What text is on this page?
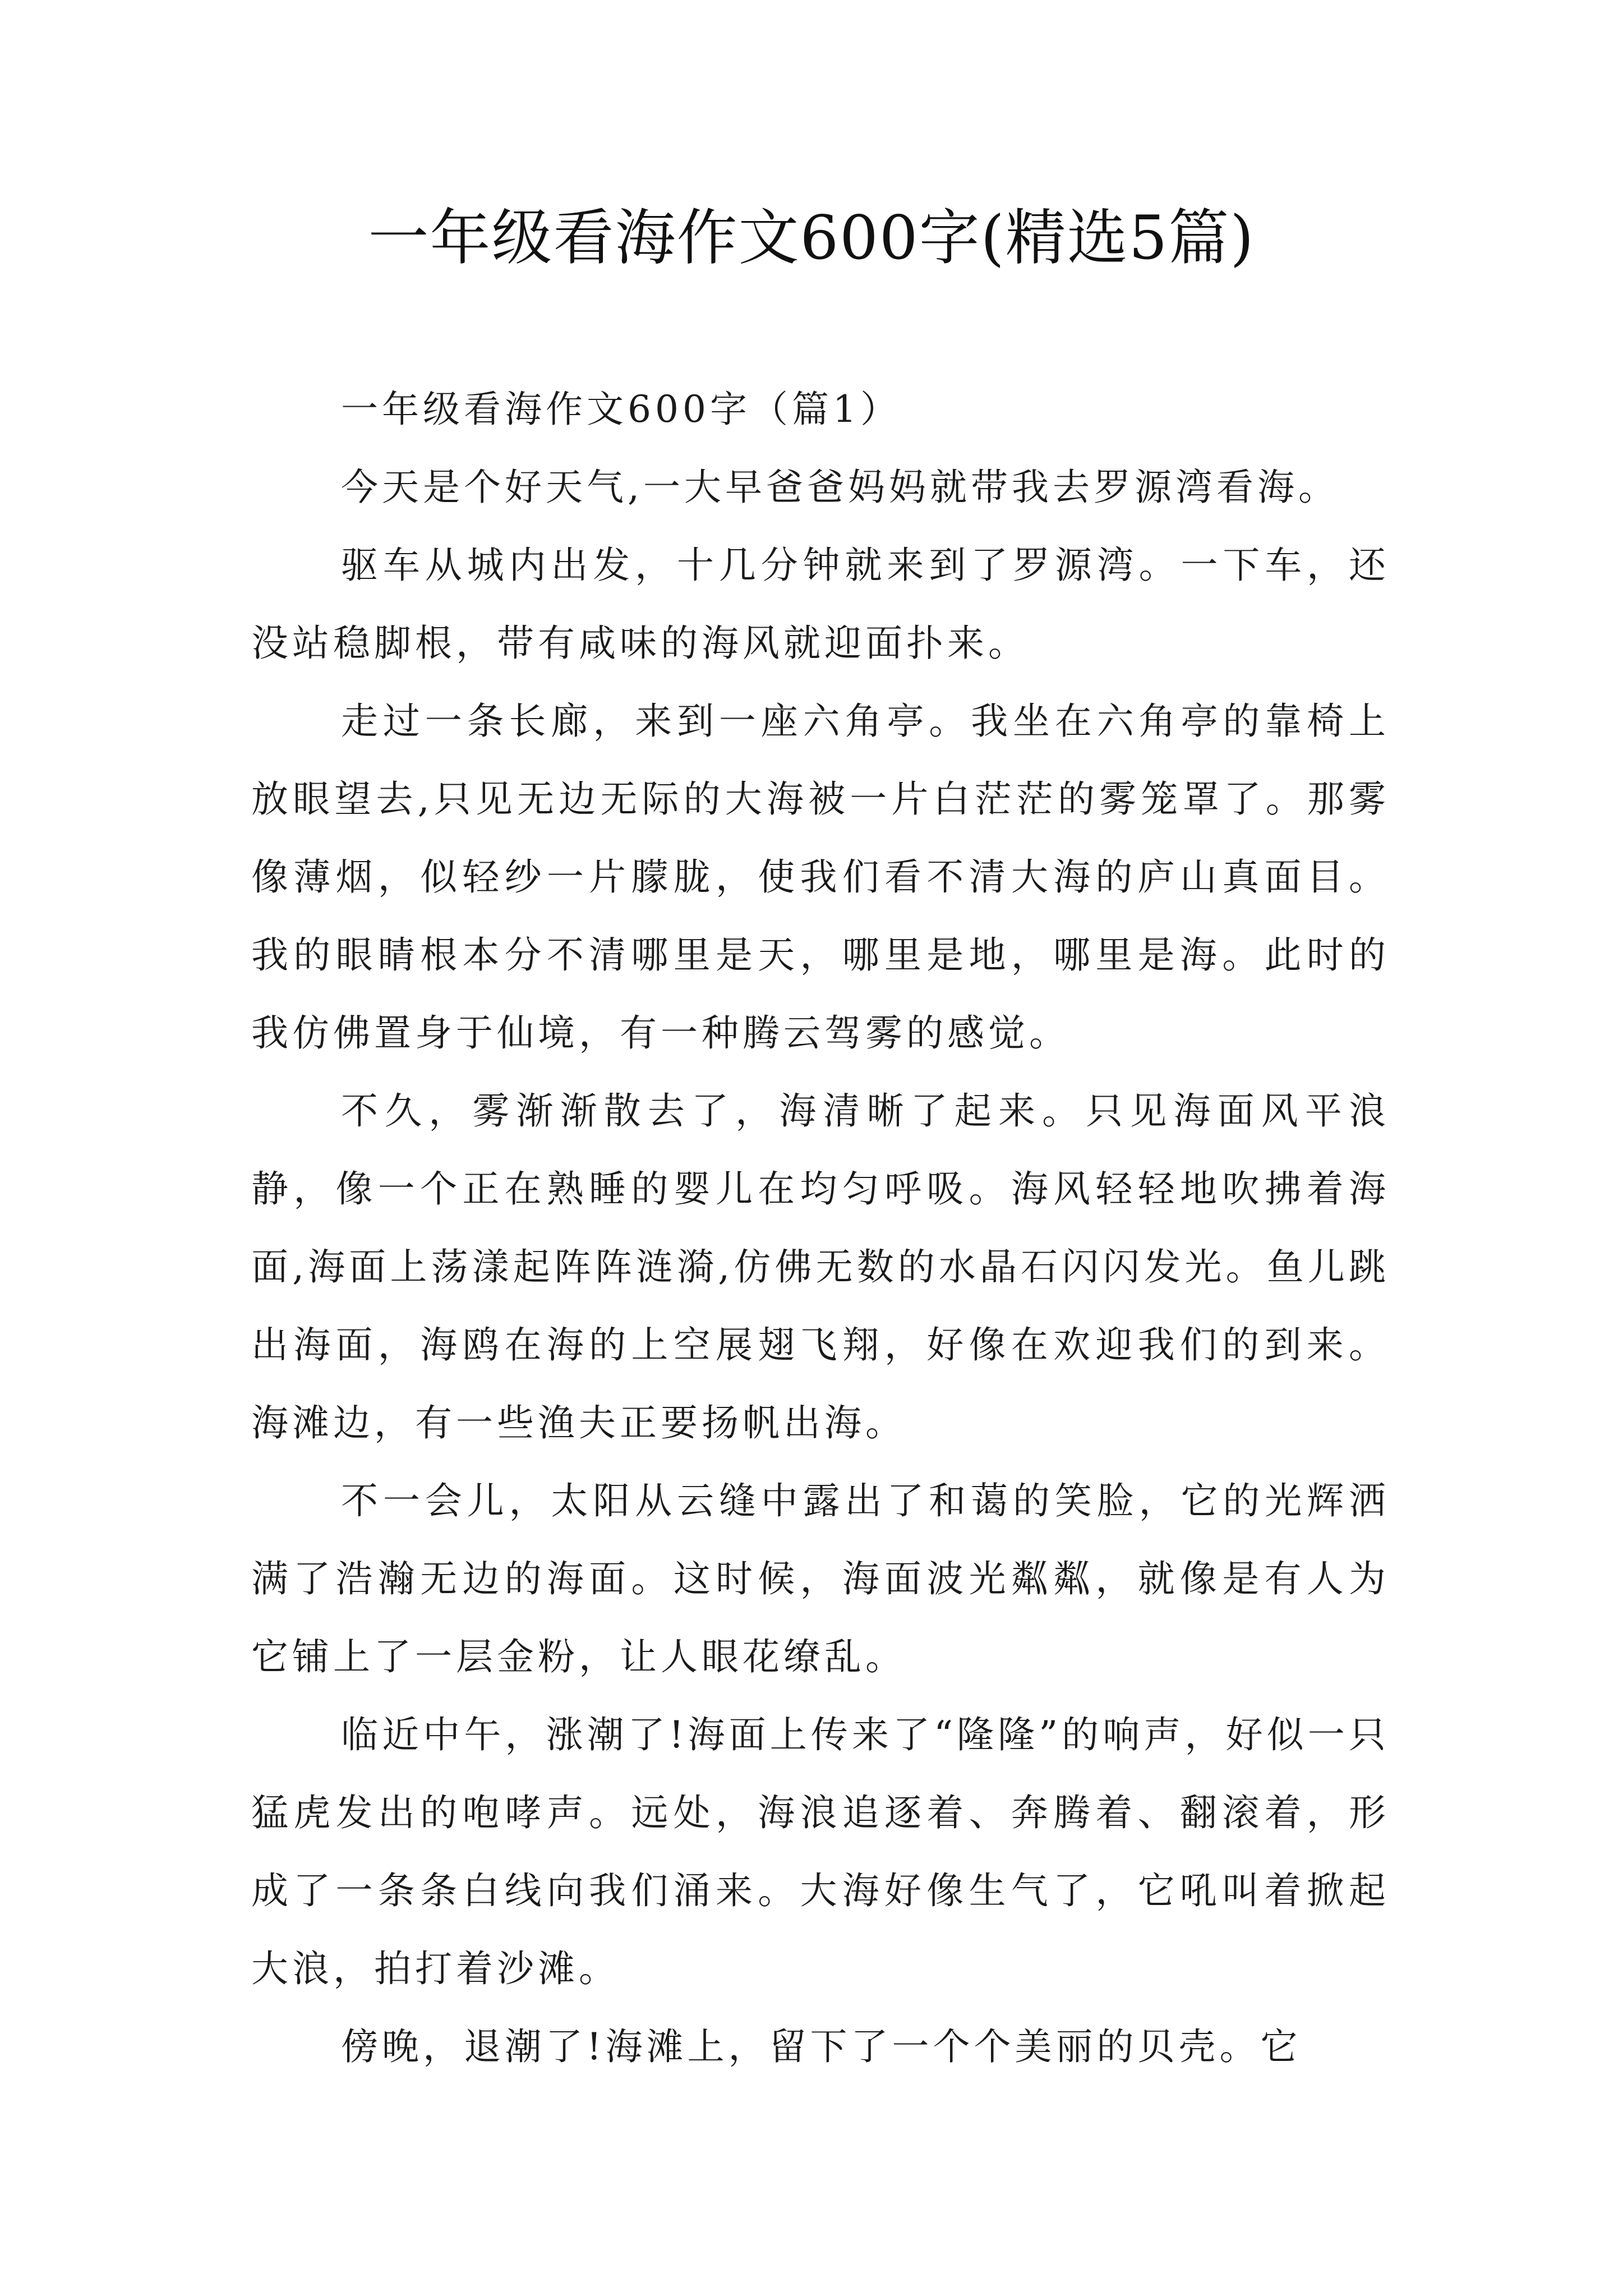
一年级看海作文600字(精选5篇)

一年级看海作文600字（篇1）

今天是个好天气,一大早爸爸妈妈就带我去罗源湾看海。

驱车从城内出发，十几分钟就来到了罗源湾。一下车，还没站稳脚根，带有咸味的海风就迎面扑来。

走过一条长廊，来到一座六角亭。我坐在六角亭的靠椅上放眼望去,只见无边无际的大海被一片白茫茫的雾笼罩了。那雾像薄烟，似轻纱一片朦胧，使我们看不清大海的庐山真面目。我的眼睛根本分不清哪里是天，哪里是地，哪里是海。此时的我仿佛置身于仙境，有一种腾云驾雾的感觉。

不久，雾渐渐散去了，海清晰了起来。只见海面风平浪静，像一个正在熟睡的婴儿在均匀呼吸。海风轻轻地吹拂着海面,海面上荡漾起阵阵涟漪,仿佛无数的水晶石闪闪发光。鱼儿跳出海面，海鸥在海的上空展翅飞翔，好像在欢迎我们的到来。海滩边，有一些渔夫正要扬帆出海。

不一会儿，太阳从云缝中露出了和蔼的笑脸，它的光辉洒满了浩瀚无边的海面。这时候，海面波光粼粼，就像是有人为它铺上了一层金粉，让人眼花缭乱。

临近中午，涨潮了!海面上传来了“隆隆”的响声，好似一只猛虎发出的咆哮声。远处，海浪追逐着、奔腾着、翻滚着，形成了一条条白线向我们涌来。大海好像生气了，它吼叫着掀起大浪，拍打着沙滩。

傍晚，退潮了!海滩上，留下了一个个美丽的贝壳。它
